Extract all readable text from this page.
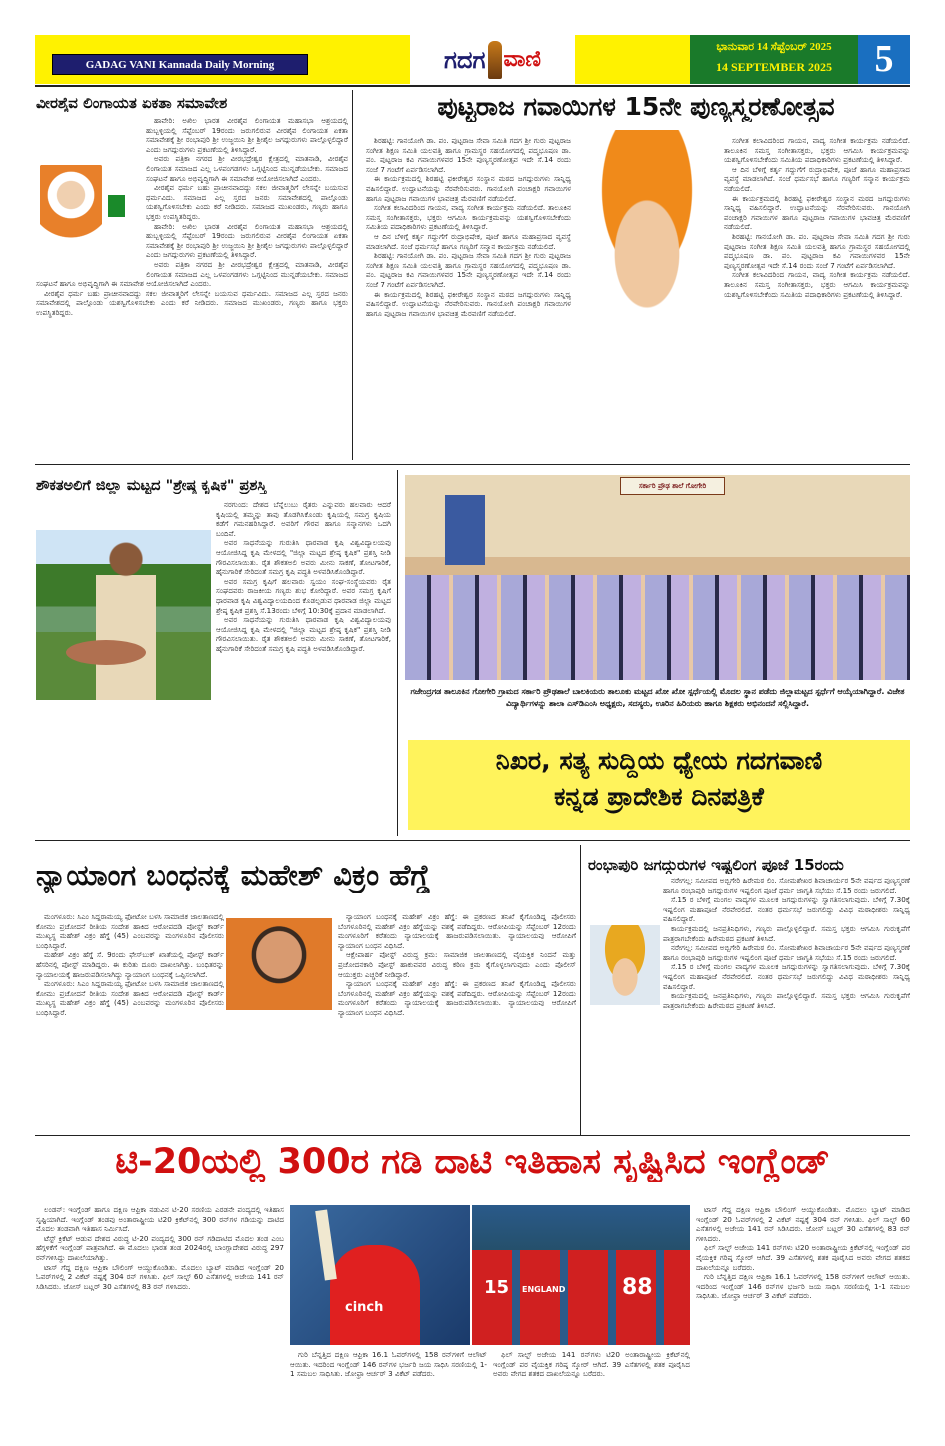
GADAG VANI Kannada Daily Morning	ಗದಗ ವಾಣಿ	ಭಾನುವಾರ 14 ಸೆಪ್ಟೆಂಬರ್ 2025
14 SEPTEMBER 2025	5
ವೀರಶೈವ ಲಿಂಗಾಯತ ಏಕತಾ ಸಮಾವೇಶ

ಹಾವೇರಿ: ಅಖಿಲ ಭಾರತ ವೀರಶೈವ ಲಿಂಗಾಯತ ಮಹಾಸಭಾ ಆಶ್ರಯದಲ್ಲಿ ಹುಬ್ಬಳ್ಳಿಯಲ್ಲಿ ಸೆಪ್ಟೆಂಬರ್ 19ರಂದು ಜರುಗಲಿರುವ ವೀರಶೈವ ಲಿಂಗಾಯತ ಏಕತಾ ಸಮಾವೇಶಕ್ಕೆ ಶ್ರೀ ರಂಭಾಪುರಿ ಶ್ರೀ ಉಜ್ಜಯಿನಿ ಶ್ರೀ ಶ್ರೀಶೈಲ ಜಗದ್ಗುರುಗಳು ಪಾಲ್ಗೊಳ್ಳಲಿದ್ದಾರೆ ಎಂದು ಜಗದ್ಗುರುಗಳು ಪ್ರಕಟಣೆಯಲ್ಲಿ ತಿಳಿಸಿದ್ದಾರೆ.

ಅವರು ಪತ್ರಿಕಾ ನಗರದ ಶ್ರೀ ವೀರಭದ್ರೇಶ್ವರ ಕ್ಷೇತ್ರದಲ್ಲಿ ಮಾತನಾಡಿ, ವೀರಶೈವ ಲಿಂಗಾಯತ ಸಮಾಜದ ಎಲ್ಲ ಒಳಪಂಗಡಗಳು ಒಗ್ಗಟ್ಟಿನಿಂದ ಮುನ್ನಡೆಯಬೇಕು. ಸಮಾಜದ ಸಂಘಟನೆ ಹಾಗೂ ಅಭಿವೃದ್ಧಿಗಾಗಿ ಈ ಸಮಾವೇಶ ಆಯೋಜಿಸಲಾಗಿದೆ ಎಂದರು.

ವೀರಶೈವ ಧರ್ಮ ಬಹು ಪ್ರಾಚೀನವಾದದ್ದು ಸಕಲ ಜೀವಾತ್ಮರಿಗೆ ಲೇಸನ್ನೇ ಬಯಸುವ ಧರ್ಮವಿದು. ಸಮಾಜದ ಎಲ್ಲ ಸ್ತರದ ಜನರು ಸಮಾವೇಶದಲ್ಲಿ ಪಾಲ್ಗೊಂಡು ಯಶಸ್ವಿಗೊಳಿಸಬೇಕು ಎಂದು ಕರೆ ನೀಡಿದರು. ಸಮಾಜದ ಮುಖಂಡರು, ಗಣ್ಯರು ಹಾಗೂ ಭಕ್ತರು ಉಪಸ್ಥಿತರಿದ್ದರು.

ಹಾವೇರಿ: ಅಖಿಲ ಭಾರತ ವೀರಶೈವ ಲಿಂಗಾಯತ ಮಹಾಸಭಾ ಆಶ್ರಯದಲ್ಲಿ ಹುಬ್ಬಳ್ಳಿಯಲ್ಲಿ ಸೆಪ್ಟೆಂಬರ್ 19ರಂದು ಜರುಗಲಿರುವ ವೀರಶೈವ ಲಿಂಗಾಯತ ಏಕತಾ ಸಮಾವೇಶಕ್ಕೆ ಶ್ರೀ ರಂಭಾಪುರಿ ಶ್ರೀ ಉಜ್ಜಯಿನಿ ಶ್ರೀ ಶ್ರೀಶೈಲ ಜಗದ್ಗುರುಗಳು ಪಾಲ್ಗೊಳ್ಳಲಿದ್ದಾರೆ ಎಂದು ಜಗದ್ಗುರುಗಳು ಪ್ರಕಟಣೆಯಲ್ಲಿ ತಿಳಿಸಿದ್ದಾರೆ.

ಅವರು ಪತ್ರಿಕಾ ನಗರದ ಶ್ರೀ ವೀರಭದ್ರೇಶ್ವರ ಕ್ಷೇತ್ರದಲ್ಲಿ ಮಾತನಾಡಿ, ವೀರಶೈವ ಲಿಂಗಾಯತ ಸಮಾಜದ ಎಲ್ಲ ಒಳಪಂಗಡಗಳು ಒಗ್ಗಟ್ಟಿನಿಂದ ಮುನ್ನಡೆಯಬೇಕು. ಸಮಾಜದ ಸಂಘಟನೆ ಹಾಗೂ ಅಭಿವೃದ್ಧಿಗಾಗಿ ಈ ಸಮಾವೇಶ ಆಯೋಜಿಸಲಾಗಿದೆ ಎಂದರು.

ವೀರಶೈವ ಧರ್ಮ ಬಹು ಪ್ರಾಚೀನವಾದದ್ದು ಸಕಲ ಜೀವಾತ್ಮರಿಗೆ ಲೇಸನ್ನೇ ಬಯಸುವ ಧರ್ಮವಿದು. ಸಮಾಜದ ಎಲ್ಲ ಸ್ತರದ ಜನರು ಸಮಾವೇಶದಲ್ಲಿ ಪಾಲ್ಗೊಂಡು ಯಶಸ್ವಿಗೊಳಿಸಬೇಕು ಎಂದು ಕರೆ ನೀಡಿದರು. ಸಮಾಜದ ಮುಖಂಡರು, ಗಣ್ಯರು ಹಾಗೂ ಭಕ್ತರು ಉಪಸ್ಥಿತರಿದ್ದರು.

ಪುಟ್ಟರಾಜ ಗವಾಯಿಗಳ 15ನೇ ಪುಣ್ಯಸ್ಮರಣೋತ್ಸವ

ಶಿರಹಟ್ಟಿ: ಗಾನಯೋಗಿ ಡಾ. ಪಂ. ಪುಟ್ಟರಾಜ ಸೇವಾ ಸಮಿತಿ ಗದಗ ಶ್ರೀ ಗುರು ಪುಟ್ಟರಾಜ ಸಂಗೀತ ಶಿಕ್ಷಣ ಸಮಿತಿ ಯಲವತ್ತಿ ಹಾಗೂ ಗ್ರಾಮಸ್ಥರ ಸಹಯೋಗದಲ್ಲಿ ಪದ್ಮಭೂಷಣ ಡಾ. ಪಂ. ಪುಟ್ಟರಾಜ ಕವಿ ಗವಾಯಿಗಳವರ 15ನೇ ಪುಣ್ಯಸ್ಮರಣೋತ್ಸವ ಇದೇ ಸೆ.14 ರಂದು ಸಂಜೆ 7 ಗಂಟೆಗೆ ಏರ್ಪಡಿಸಲಾಗಿದೆ.

ಈ ಕಾರ್ಯಕ್ರಮದಲ್ಲಿ ಶಿರಹಟ್ಟಿ ಫಕೀರೇಶ್ವರ ಸಂಸ್ಥಾನ ಮಠದ ಜಗದ್ಗುರುಗಳು ಸಾನ್ನಿಧ್ಯ ವಹಿಸಲಿದ್ದಾರೆ. ಉದ್ಘಾಟನೆಯನ್ನು ನೆರವೇರಿಸುವರು. ಗಾನಯೋಗಿ ಪಂಚಾಕ್ಷರಿ ಗವಾಯಿಗಳ ಹಾಗೂ ಪುಟ್ಟರಾಜ ಗವಾಯಿಗಳ ಭಾವಚಿತ್ರ ಮೆರವಣಿಗೆ ನಡೆಯಲಿದೆ.

ಸಂಗೀತ ಕಲಾವಿದರಿಂದ ಗಾಯನ, ವಾದ್ಯ ಸಂಗೀತ ಕಾರ್ಯಕ್ರಮ ನಡೆಯಲಿದೆ. ತಾಲೂಕಿನ ಸಮಸ್ತ ಸಂಗೀತಾಸಕ್ತರು, ಭಕ್ತರು ಆಗಮಿಸಿ ಕಾರ್ಯಕ್ರಮವನ್ನು ಯಶಸ್ವಿಗೊಳಿಸಬೇಕೆಂದು ಸಮಿತಿಯ ಪದಾಧಿಕಾರಿಗಳು ಪ್ರಕಟಣೆಯಲ್ಲಿ ತಿಳಿಸಿದ್ದಾರೆ.

ಆ ದಿನ ಬೆಳಿಗ್ಗೆ ಕರ್ತೃ ಗದ್ದುಗೆಗೆ ರುದ್ರಾಭಿಷೇಕ, ಪೂಜೆ ಹಾಗೂ ಮಹಾಪ್ರಸಾದ ವ್ಯವಸ್ಥೆ ಮಾಡಲಾಗಿದೆ. ಸಂಜೆ ಧರ್ಮಸಭೆ ಹಾಗೂ ಗಣ್ಯರಿಗೆ ಸನ್ಮಾನ ಕಾರ್ಯಕ್ರಮ ನಡೆಯಲಿದೆ.

ಶಿರಹಟ್ಟಿ: ಗಾನಯೋಗಿ ಡಾ. ಪಂ. ಪುಟ್ಟರಾಜ ಸೇವಾ ಸಮಿತಿ ಗದಗ ಶ್ರೀ ಗುರು ಪುಟ್ಟರಾಜ ಸಂಗೀತ ಶಿಕ್ಷಣ ಸಮಿತಿ ಯಲವತ್ತಿ ಹಾಗೂ ಗ್ರಾಮಸ್ಥರ ಸಹಯೋಗದಲ್ಲಿ ಪದ್ಮಭೂಷಣ ಡಾ. ಪಂ. ಪುಟ್ಟರಾಜ ಕವಿ ಗವಾಯಿಗಳವರ 15ನೇ ಪುಣ್ಯಸ್ಮರಣೋತ್ಸವ ಇದೇ ಸೆ.14 ರಂದು ಸಂಜೆ 7 ಗಂಟೆಗೆ ಏರ್ಪಡಿಸಲಾಗಿದೆ.

ಈ ಕಾರ್ಯಕ್ರಮದಲ್ಲಿ ಶಿರಹಟ್ಟಿ ಫಕೀರೇಶ್ವರ ಸಂಸ್ಥಾನ ಮಠದ ಜಗದ್ಗುರುಗಳು ಸಾನ್ನಿಧ್ಯ ವಹಿಸಲಿದ್ದಾರೆ. ಉದ್ಘಾಟನೆಯನ್ನು ನೆರವೇರಿಸುವರು. ಗಾನಯೋಗಿ ಪಂಚಾಕ್ಷರಿ ಗವಾಯಿಗಳ ಹಾಗೂ ಪುಟ್ಟರಾಜ ಗವಾಯಿಗಳ ಭಾವಚಿತ್ರ ಮೆರವಣಿಗೆ ನಡೆಯಲಿದೆ.

ಸಂಗೀತ ಕಲಾವಿದರಿಂದ ಗಾಯನ, ವಾದ್ಯ ಸಂಗೀತ ಕಾರ್ಯಕ್ರಮ ನಡೆಯಲಿದೆ. ತಾಲೂಕಿನ ಸಮಸ್ತ ಸಂಗೀತಾಸಕ್ತರು, ಭಕ್ತರು ಆಗಮಿಸಿ ಕಾರ್ಯಕ್ರಮವನ್ನು ಯಶಸ್ವಿಗೊಳಿಸಬೇಕೆಂದು ಸಮಿತಿಯ ಪದಾಧಿಕಾರಿಗಳು ಪ್ರಕಟಣೆಯಲ್ಲಿ ತಿಳಿಸಿದ್ದಾರೆ.

ಆ ದಿನ ಬೆಳಿಗ್ಗೆ ಕರ್ತೃ ಗದ್ದುಗೆಗೆ ರುದ್ರಾಭಿಷೇಕ, ಪೂಜೆ ಹಾಗೂ ಮಹಾಪ್ರಸಾದ ವ್ಯವಸ್ಥೆ ಮಾಡಲಾಗಿದೆ. ಸಂಜೆ ಧರ್ಮಸಭೆ ಹಾಗೂ ಗಣ್ಯರಿಗೆ ಸನ್ಮಾನ ಕಾರ್ಯಕ್ರಮ ನಡೆಯಲಿದೆ.

ಈ ಕಾರ್ಯಕ್ರಮದಲ್ಲಿ ಶಿರಹಟ್ಟಿ ಫಕೀರೇಶ್ವರ ಸಂಸ್ಥಾನ ಮಠದ ಜಗದ್ಗುರುಗಳು ಸಾನ್ನಿಧ್ಯ ವಹಿಸಲಿದ್ದಾರೆ. ಉದ್ಘಾಟನೆಯನ್ನು ನೆರವೇರಿಸುವರು. ಗಾನಯೋಗಿ ಪಂಚಾಕ್ಷರಿ ಗವಾಯಿಗಳ ಹಾಗೂ ಪುಟ್ಟರಾಜ ಗವಾಯಿಗಳ ಭಾವಚಿತ್ರ ಮೆರವಣಿಗೆ ನಡೆಯಲಿದೆ.

ಶಿರಹಟ್ಟಿ: ಗಾನಯೋಗಿ ಡಾ. ಪಂ. ಪುಟ್ಟರಾಜ ಸೇವಾ ಸಮಿತಿ ಗದಗ ಶ್ರೀ ಗುರು ಪುಟ್ಟರಾಜ ಸಂಗೀತ ಶಿಕ್ಷಣ ಸಮಿತಿ ಯಲವತ್ತಿ ಹಾಗೂ ಗ್ರಾಮಸ್ಥರ ಸಹಯೋಗದಲ್ಲಿ ಪದ್ಮಭೂಷಣ ಡಾ. ಪಂ. ಪುಟ್ಟರಾಜ ಕವಿ ಗವಾಯಿಗಳವರ 15ನೇ ಪುಣ್ಯಸ್ಮರಣೋತ್ಸವ ಇದೇ ಸೆ.14 ರಂದು ಸಂಜೆ 7 ಗಂಟೆಗೆ ಏರ್ಪಡಿಸಲಾಗಿದೆ.

ಸಂಗೀತ ಕಲಾವಿದರಿಂದ ಗಾಯನ, ವಾದ್ಯ ಸಂಗೀತ ಕಾರ್ಯಕ್ರಮ ನಡೆಯಲಿದೆ. ತಾಲೂಕಿನ ಸಮಸ್ತ ಸಂಗೀತಾಸಕ್ತರು, ಭಕ್ತರು ಆಗಮಿಸಿ ಕಾರ್ಯಕ್ರಮವನ್ನು ಯಶಸ್ವಿಗೊಳಿಸಬೇಕೆಂದು ಸಮಿತಿಯ ಪದಾಧಿಕಾರಿಗಳು ಪ್ರಕಟಣೆಯಲ್ಲಿ ತಿಳಿಸಿದ್ದಾರೆ.

ಶೌಕತಅಲಿಗೆ ಜಿಲ್ಲಾ ಮಟ್ಟದ "ಶ್ರೇಷ್ಠ ಕೃಷಿಕ" ಪ್ರಶಸ್ತಿ

ನರಗುಂದ: ದೇಶದ ಬೆನ್ನೆಲುಬು ರೈತರು ಎನ್ನುವರು ಹಲವಾರು ಆದರೆ ಕೃಷಿಯಲ್ಲಿ ತಮ್ಮನ್ನು ತಾವು ತೊಡಗಿಸಿಕೊಂಡು ಕೃಷಿಯಲ್ಲಿ ಸಮಗ್ರ ಕೃಷಿಯ ಕಡೆಗೆ ಗಮನಹರಿಸಿದ್ದಾರೆ. ಅವರಿಗೆ ಗೌರವ ಹಾಗೂ ಸನ್ಮಾನಗಳು ಒದಗಿ ಬಂದಿವೆ.

ಅವರ ಸಾಧನೆಯನ್ನು ಗುರುತಿಸಿ ಧಾರವಾಡ ಕೃಷಿ ವಿಶ್ವವಿದ್ಯಾಲಯವು ಆಯೋಜಿಸಿದ್ದ ಕೃಷಿ ಮೇಳದಲ್ಲಿ "ಜಿಲ್ಲಾ ಮಟ್ಟದ ಶ್ರೇಷ್ಠ ಕೃಷಿಕ" ಪ್ರಶಸ್ತಿ ನೀಡಿ ಗೌರವಿಸಲಾಯಿತು. ರೈತ ಶೌಕತಅಲಿ ಅವರು ಮೀನು ಸಾಕಣೆ, ತೋಟಗಾರಿಕೆ, ಹೈನುಗಾರಿಕೆ ಸೇರಿದಂತೆ ಸಮಗ್ರ ಕೃಷಿ ಪದ್ಧತಿ ಅಳವಡಿಸಿಕೊಂಡಿದ್ದಾರೆ.

ಅವರ ಸಮಗ್ರ ಕೃಷಿಗೆ ಹಲವಾರು ಸ್ವಯಂ ಸಂಘ-ಸಂಸ್ಥೆಯವರು ರೈತ ಸಂಘದವರು ರಾಜಕೀಯ ಗಣ್ಯರು ಶುಭ ಕೋರಿದ್ದಾರೆ. ಅವರ ಸಮಗ್ರ ಕೃಷಿಗೆ ಧಾರವಾಡ ಕೃಷಿ ವಿಶ್ವವಿದ್ಯಾಲಯದಿಂದ ಕೊಡಲ್ಪಡುವ ಧಾರವಾಡ ಜಿಲ್ಲಾ ಮಟ್ಟದ ಶ್ರೇಷ್ಠ ಕೃಷಿಕ ಪ್ರಶಸ್ತಿ ಸೆ.13ರಂದು ಬೆಳಿಗ್ಗೆ 10:30ಕ್ಕೆ ಪ್ರದಾನ ಮಾಡಲಾಗಿದೆ.

ಅವರ ಸಾಧನೆಯನ್ನು ಗುರುತಿಸಿ ಧಾರವಾಡ ಕೃಷಿ ವಿಶ್ವವಿದ್ಯಾಲಯವು ಆಯೋಜಿಸಿದ್ದ ಕೃಷಿ ಮೇಳದಲ್ಲಿ "ಜಿಲ್ಲಾ ಮಟ್ಟದ ಶ್ರೇಷ್ಠ ಕೃಷಿಕ" ಪ್ರಶಸ್ತಿ ನೀಡಿ ಗೌರವಿಸಲಾಯಿತು. ರೈತ ಶೌಕತಅಲಿ ಅವರು ಮೀನು ಸಾಕಣೆ, ತೋಟಗಾರಿಕೆ, ಹೈನುಗಾರಿಕೆ ಸೇರಿದಂತೆ ಸಮಗ್ರ ಕೃಷಿ ಪದ್ಧತಿ ಅಳವಡಿಸಿಕೊಂಡಿದ್ದಾರೆ.

ಸರ್ಕಾರಿ ಪ್ರೌಢ ಶಾಲೆ ಗೋಗೇರಿ
ಗಜೇಂದ್ರಗಡ ತಾಲೂಕಿನ ಗೋಗೇರಿ ಗ್ರಾಮದ ಸರ್ಕಾರಿ ಪ್ರೌಢಶಾಲೆ ಬಾಲಕಿಯರು ತಾಲೂಕು ಮಟ್ಟದ ಖೋ ಖೋ ಸ್ಪರ್ಧೆಯಲ್ಲಿ ಮೊದಲ ಸ್ಥಾನ ಪಡೆದು ಜಿಲ್ಲಾಮಟ್ಟದ ಸ್ಪರ್ಧೆಗೆ ಆಯ್ಕೆಯಾಗಿದ್ದಾರೆ. ವಿಜೇತ ವಿದ್ಯಾರ್ಥಿಗಳನ್ನು ಶಾಲಾ ಎಸ್‌ಡಿಎಂಸಿ ಅಧ್ಯಕ್ಷರು, ಸದಸ್ಯರು, ಊರಿನ ಹಿರಿಯರು ಹಾಗೂ ಶಿಕ್ಷಕರು ಅಭಿನಂದನೆ ಸಲ್ಲಿಸಿದ್ದಾರೆ.
ನಿಖರ, ಸತ್ಯ ಸುದ್ದಿಯ ಧ್ಯೇಯ ಗದಗವಾಣಿ
ಕನ್ನಡ ಪ್ರಾದೇಶಿಕ ದಿನಪತ್ರಿಕೆ
ನ್ಯಾಯಾಂಗ ಬಂಧನಕ್ಕೆ ಮಹೇಶ್ ವಿಕ್ರಂ ಹೆಗ್ಡೆ

ಮಂಗಳೂರು: ಸಿಎಂ ಸಿದ್ದರಾಮಯ್ಯ ಫೋಟೋ ಬಳಸಿ ಸಾಮಾಜಿಕ ಜಾಲತಾಣದಲ್ಲಿ ಕೋಮು ಪ್ರಚೋದನೆ ರೀತಿಯ ಸಂದೇಶ ಹಾಕಿದ ಆರೋಪದಡಿ ಪೋಸ್ಟ್ ಕಾರ್ಡ್ ಮುಖ್ಯಸ್ಥ ಮಹೇಶ್ ವಿಕ್ರಂ ಹೆಗ್ಡೆ (45) ಎಂಬವರನ್ನು ಮಂಗಳೂರಿನ ಪೊಲೀಸರು ಬಂಧಿಸಿದ್ದಾರೆ.

ಮಹೇಶ್ ವಿಕ್ರಂ ಹೆಗ್ಡೆ ಸೆ. 9ರಂದು ಫೇಸ್‌ಬುಕ್ ಖಾತೆಯಲ್ಲಿ ಪೋಸ್ಟ್ ಕಾರ್ಡ್ ಹೆಸರಿನಲ್ಲಿ ಪೋಸ್ಟ್ ಮಾಡಿದ್ದರು. ಈ ಕುರಿತು ದೂರು ದಾಖಲಾಗಿತ್ತು. ಬಂಧಿತರನ್ನು ನ್ಯಾಯಾಲಯಕ್ಕೆ ಹಾಜರುಪಡಿಸಲಾಗಿದ್ದು ನ್ಯಾಯಾಂಗ ಬಂಧನಕ್ಕೆ ಒಪ್ಪಿಸಲಾಗಿದೆ.

ಮಂಗಳೂರು: ಸಿಎಂ ಸಿದ್ದರಾಮಯ್ಯ ಫೋಟೋ ಬಳಸಿ ಸಾಮಾಜಿಕ ಜಾಲತಾಣದಲ್ಲಿ ಕೋಮು ಪ್ರಚೋದನೆ ರೀತಿಯ ಸಂದೇಶ ಹಾಕಿದ ಆರೋಪದಡಿ ಪೋಸ್ಟ್ ಕಾರ್ಡ್ ಮುಖ್ಯಸ್ಥ ಮಹೇಶ್ ವಿಕ್ರಂ ಹೆಗ್ಡೆ (45) ಎಂಬವರನ್ನು ಮಂಗಳೂರಿನ ಪೊಲೀಸರು ಬಂಧಿಸಿದ್ದಾರೆ.

ನ್ಯಾಯಾಂಗ ಬಂಧನಕ್ಕೆ ಮಹೇಶ್ ವಿಕ್ರಂ ಹೆಗ್ಡೆ: ಈ ಪ್ರಕರಣದ ತನಿಖೆ ಕೈಗೊಂಡಿದ್ದ ಪೊಲೀಸರು ಬೆಂಗಳೂರಿನಲ್ಲಿ ಮಹೇಶ್ ವಿಕ್ರಂ ಹೆಗ್ಡೆಯನ್ನು ವಶಕ್ಕೆ ಪಡೆದಿದ್ದರು. ಆರೋಪಿಯನ್ನು ಸೆಪ್ಟೆಂಬರ್ 12ರಂದು ಮಂಗಳೂರಿಗೆ ಕರೆತಂದು ನ್ಯಾಯಾಲಯಕ್ಕೆ ಹಾಜರುಪಡಿಸಲಾಯಿತು. ನ್ಯಾಯಾಲಯವು ಆರೋಪಿಗೆ ನ್ಯಾಯಾಂಗ ಬಂಧನ ವಿಧಿಸಿದೆ.

ಆಕ್ಷೇಪಾರ್ಹ ಪೋಸ್ಟ್ ವಿರುದ್ಧ ಕ್ರಮ: ಸಾಮಾಜಿಕ ಜಾಲತಾಣದಲ್ಲಿ ವೈಯಕ್ತಿಕ ನಿಂದನೆ ಮತ್ತು ಪ್ರಚೋದನಕಾರಿ ಪೋಸ್ಟ್ ಹಾಕುವವರ ವಿರುದ್ಧ ಕಠಿಣ ಕ್ರಮ ಕೈಗೊಳ್ಳಲಾಗುವುದು ಎಂದು ಪೊಲೀಸ್ ಆಯುಕ್ತರು ಎಚ್ಚರಿಕೆ ನೀಡಿದ್ದಾರೆ.

ನ್ಯಾಯಾಂಗ ಬಂಧನಕ್ಕೆ ಮಹೇಶ್ ವಿಕ್ರಂ ಹೆಗ್ಡೆ: ಈ ಪ್ರಕರಣದ ತನಿಖೆ ಕೈಗೊಂಡಿದ್ದ ಪೊಲೀಸರು ಬೆಂಗಳೂರಿನಲ್ಲಿ ಮಹೇಶ್ ವಿಕ್ರಂ ಹೆಗ್ಡೆಯನ್ನು ವಶಕ್ಕೆ ಪಡೆದಿದ್ದರು. ಆರೋಪಿಯನ್ನು ಸೆಪ್ಟೆಂಬರ್ 12ರಂದು ಮಂಗಳೂರಿಗೆ ಕರೆತಂದು ನ್ಯಾಯಾಲಯಕ್ಕೆ ಹಾಜರುಪಡಿಸಲಾಯಿತು. ನ್ಯಾಯಾಲಯವು ಆರೋಪಿಗೆ ನ್ಯಾಯಾಂಗ ಬಂಧನ ವಿಧಿಸಿದೆ.

ರಂಭಾಪುರಿ ಜಗದ್ಗುರುಗಳ ಇಷ್ಟಲಿಂಗ ಪೂಜೆ 15ರಂದು

ನರೇಗಲ್ಲ: ಸಮೀಪದ ಅಬ್ಬಿಗೇರಿ ಹಿರೇಮಠ ಲಿಂ. ಸೋಮಶೇಖರ ಶಿವಾಚಾರ್ಯರ 5ನೇ ವರ್ಷದ ಪುಣ್ಯಸ್ಮರಣೆ ಹಾಗೂ ರಂಭಾಪುರಿ ಜಗದ್ಗುರುಗಳ ಇಷ್ಟಲಿಂಗ ಪೂಜೆ ಧರ್ಮ ಜಾಗೃತಿ ಸಭೆಯು ಸೆ.15 ರಂದು ಜರುಗಲಿದೆ.

ಸೆ.15 ರ ಬೆಳಿಗ್ಗೆ ಮಂಗಲ ವಾದ್ಯಗಳ ಮೂಲಕ ಜಗದ್ಗುರುಗಳನ್ನು ಸ್ವಾಗತಿಸಲಾಗುವುದು. ಬೆಳಿಗ್ಗೆ 7.30ಕ್ಕೆ ಇಷ್ಟಲಿಂಗ ಮಹಾಪೂಜೆ ನೆರವೇರಲಿದೆ. ನಂತರ ಧರ್ಮಸಭೆ ಜರುಗಲಿದ್ದು ವಿವಿಧ ಮಠಾಧೀಶರು ಸಾನ್ನಿಧ್ಯ ವಹಿಸಲಿದ್ದಾರೆ.

ಕಾರ್ಯಕ್ರಮದಲ್ಲಿ ಜನಪ್ರತಿನಿಧಿಗಳು, ಗಣ್ಯರು ಪಾಲ್ಗೊಳ್ಳಲಿದ್ದಾರೆ. ಸಮಸ್ತ ಭಕ್ತರು ಆಗಮಿಸಿ ಗುರುಕೃಪೆಗೆ ಪಾತ್ರರಾಗಬೇಕೆಂದು ಹಿರೇಮಠದ ಪ್ರಕಟಣೆ ತಿಳಿಸಿದೆ.

ನರೇಗಲ್ಲ: ಸಮೀಪದ ಅಬ್ಬಿಗೇರಿ ಹಿರೇಮಠ ಲಿಂ. ಸೋಮಶೇಖರ ಶಿವಾಚಾರ್ಯರ 5ನೇ ವರ್ಷದ ಪುಣ್ಯಸ್ಮರಣೆ ಹಾಗೂ ರಂಭಾಪುರಿ ಜಗದ್ಗುರುಗಳ ಇಷ್ಟಲಿಂಗ ಪೂಜೆ ಧರ್ಮ ಜಾಗೃತಿ ಸಭೆಯು ಸೆ.15 ರಂದು ಜರುಗಲಿದೆ.

ಸೆ.15 ರ ಬೆಳಿಗ್ಗೆ ಮಂಗಲ ವಾದ್ಯಗಳ ಮೂಲಕ ಜಗದ್ಗುರುಗಳನ್ನು ಸ್ವಾಗತಿಸಲಾಗುವುದು. ಬೆಳಿಗ್ಗೆ 7.30ಕ್ಕೆ ಇಷ್ಟಲಿಂಗ ಮಹಾಪೂಜೆ ನೆರವೇರಲಿದೆ. ನಂತರ ಧರ್ಮಸಭೆ ಜರುಗಲಿದ್ದು ವಿವಿಧ ಮಠಾಧೀಶರು ಸಾನ್ನಿಧ್ಯ ವಹಿಸಲಿದ್ದಾರೆ.

ಕಾರ್ಯಕ್ರಮದಲ್ಲಿ ಜನಪ್ರತಿನಿಧಿಗಳು, ಗಣ್ಯರು ಪಾಲ್ಗೊಳ್ಳಲಿದ್ದಾರೆ. ಸಮಸ್ತ ಭಕ್ತರು ಆಗಮಿಸಿ ಗುರುಕೃಪೆಗೆ ಪಾತ್ರರಾಗಬೇಕೆಂದು ಹಿರೇಮಠದ ಪ್ರಕಟಣೆ ತಿಳಿಸಿದೆ.

ಟಿ-20ಯಲ್ಲಿ 300ರ ಗಡಿ ದಾಟಿ ಇತಿಹಾಸ ಸೃಷ್ಟಿಸಿದ ಇಂಗ್ಲೆಂಡ್

ಲಂಡನ್: ಇಂಗ್ಲೆಂಡ್ ಹಾಗೂ ದಕ್ಷಿಣ ಆಫ್ರಿಕಾ ನಡುವಿನ ಟಿ-20 ಸರಣಿಯ ಎರಡನೇ ಪಂದ್ಯದಲ್ಲಿ ಇತಿಹಾಸ ಸೃಷ್ಟಿಯಾಗಿದೆ. ಇಂಗ್ಲೆಂಡ್ ತಂಡವು ಅಂತಾರಾಷ್ಟ್ರೀಯ ಟಿ20 ಕ್ರಿಕೆಟ್‌ನಲ್ಲಿ 300 ರನ್‌ಗಳ ಗಡಿಯನ್ನು ದಾಟಿದ ಮೊದಲ ತಂಡವಾಗಿ ಇತಿಹಾಸ ನಿರ್ಮಿಸಿದೆ.

ಟೆಸ್ಟ್ ಕ್ರಿಕೆಟ್ ಆಡುವ ದೇಶದ ವಿರುದ್ಧ ಟಿ-20 ಪಂದ್ಯದಲ್ಲಿ 300 ರನ್ ಗಡಿದಾಟಿದ ಮೊದಲ ತಂಡ ಎಂಬ ಹೆಗ್ಗಳಿಕೆಗೆ ಇಂಗ್ಲೆಂಡ್ ಪಾತ್ರವಾಗಿದೆ. ಈ ಮೊದಲು ಭಾರತ ತಂಡ 2024ರಲ್ಲಿ ಬಾಂಗ್ಲಾದೇಶದ ವಿರುದ್ಧ 297 ರನ್‌ಗಳಿಸಿದ್ದು ದಾಖಲೆಯಾಗಿತ್ತು.

ಟಾಸ್ ಗೆದ್ದ ದಕ್ಷಿಣ ಆಫ್ರಿಕಾ ಬೌಲಿಂಗ್ ಆಯ್ದುಕೊಂಡಿತು. ಮೊದಲು ಬ್ಯಾಟ್ ಮಾಡಿದ ಇಂಗ್ಲೆಂಡ್ 20 ಓವರ್‌ಗಳಲ್ಲಿ 2 ವಿಕೆಟ್ ನಷ್ಟಕ್ಕೆ 304 ರನ್ ಗಳಿಸಿತು. ಫಿಲ್ ಸಾಲ್ಟ್ 60 ಎಸೆತಗಳಲ್ಲಿ ಅಜೇಯ 141 ರನ್ ಸಿಡಿಸಿದರು. ಜೋಸ್ ಬಟ್ಲರ್ 30 ಎಸೆತಗಳಲ್ಲಿ 83 ರನ್ ಗಳಿಸಿದರು.

cinch
ENGLAND
15	88

ಗುರಿ ಬೆನ್ನತ್ತಿದ ದಕ್ಷಿಣ ಆಫ್ರಿಕಾ 16.1 ಓವರ್‌ಗಳಲ್ಲಿ 158 ರನ್‌ಗಳಿಗೆ ಆಲೌಟ್ ಆಯಿತು. ಇದರಿಂದ ಇಂಗ್ಲೆಂಡ್ 146 ರನ್‌ಗಳ ಭರ್ಜರಿ ಜಯ ಸಾಧಿಸಿ ಸರಣಿಯಲ್ಲಿ 1-1 ಸಮಬಲ ಸಾಧಿಸಿತು. ಜೋಫ್ರಾ ಆರ್ಚರ್ 3 ವಿಕೆಟ್ ಪಡೆದರು.

ಫಿಲ್ ಸಾಲ್ಟ್ ಅಜೇಯ 141 ರನ್‌ಗಳು ಟಿ20 ಅಂತಾರಾಷ್ಟ್ರೀಯ ಕ್ರಿಕೆಟ್‌ನಲ್ಲಿ ಇಂಗ್ಲೆಂಡ್ ಪರ ವೈಯಕ್ತಿಕ ಗರಿಷ್ಠ ಸ್ಕೋರ್ ಆಗಿದೆ. 39 ಎಸೆತಗಳಲ್ಲಿ ಶತಕ ಪೂರೈಸಿದ ಅವರು ವೇಗದ ಶತಕದ ದಾಖಲೆಯನ್ನೂ ಬರೆದರು.

ಟಾಸ್ ಗೆದ್ದ ದಕ್ಷಿಣ ಆಫ್ರಿಕಾ ಬೌಲಿಂಗ್ ಆಯ್ದುಕೊಂಡಿತು. ಮೊದಲು ಬ್ಯಾಟ್ ಮಾಡಿದ ಇಂಗ್ಲೆಂಡ್ 20 ಓವರ್‌ಗಳಲ್ಲಿ 2 ವಿಕೆಟ್ ನಷ್ಟಕ್ಕೆ 304 ರನ್ ಗಳಿಸಿತು. ಫಿಲ್ ಸಾಲ್ಟ್ 60 ಎಸೆತಗಳಲ್ಲಿ ಅಜೇಯ 141 ರನ್ ಸಿಡಿಸಿದರು. ಜೋಸ್ ಬಟ್ಲರ್ 30 ಎಸೆತಗಳಲ್ಲಿ 83 ರನ್ ಗಳಿಸಿದರು.

ಫಿಲ್ ಸಾಲ್ಟ್ ಅಜೇಯ 141 ರನ್‌ಗಳು ಟಿ20 ಅಂತಾರಾಷ್ಟ್ರೀಯ ಕ್ರಿಕೆಟ್‌ನಲ್ಲಿ ಇಂಗ್ಲೆಂಡ್ ಪರ ವೈಯಕ್ತಿಕ ಗರಿಷ್ಠ ಸ್ಕೋರ್ ಆಗಿದೆ. 39 ಎಸೆತಗಳಲ್ಲಿ ಶತಕ ಪೂರೈಸಿದ ಅವರು ವೇಗದ ಶತಕದ ದಾಖಲೆಯನ್ನೂ ಬರೆದರು.

ಗುರಿ ಬೆನ್ನತ್ತಿದ ದಕ್ಷಿಣ ಆಫ್ರಿಕಾ 16.1 ಓವರ್‌ಗಳಲ್ಲಿ 158 ರನ್‌ಗಳಿಗೆ ಆಲೌಟ್ ಆಯಿತು. ಇದರಿಂದ ಇಂಗ್ಲೆಂಡ್ 146 ರನ್‌ಗಳ ಭರ್ಜರಿ ಜಯ ಸಾಧಿಸಿ ಸರಣಿಯಲ್ಲಿ 1-1 ಸಮಬಲ ಸಾಧಿಸಿತು. ಜೋಫ್ರಾ ಆರ್ಚರ್ 3 ವಿಕೆಟ್ ಪಡೆದರು.
